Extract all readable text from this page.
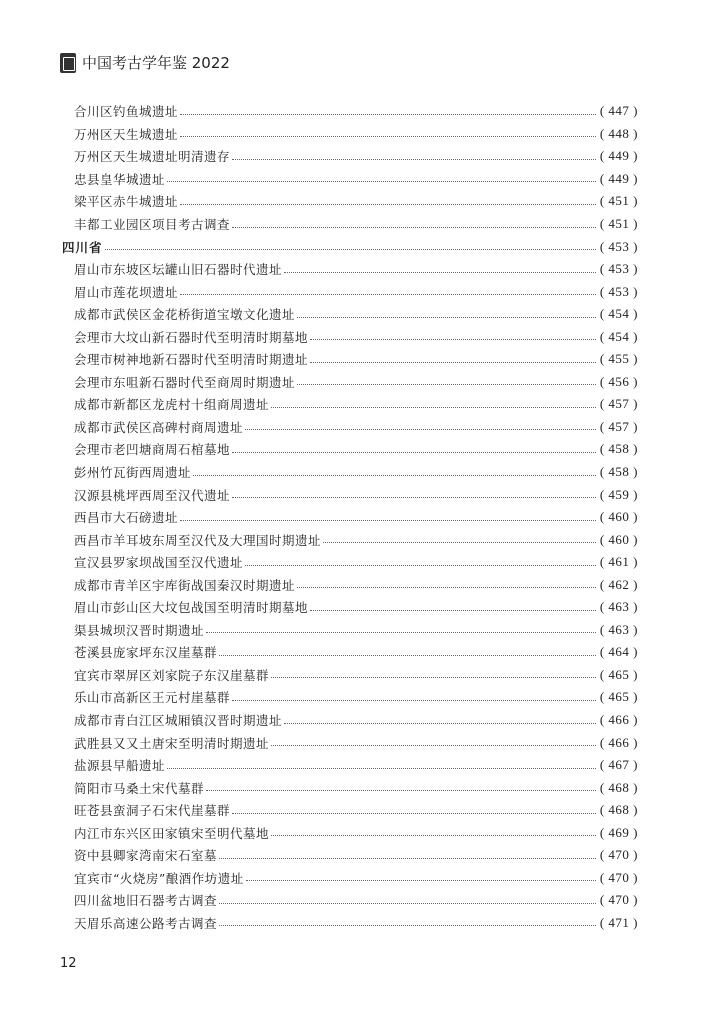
中国考古学年鉴 2022
合川区钓鱼城遗址	( 447 )
万州区天生城遗址	( 448 )
万州区天生城遗址明清遗存	( 449 )
忠县皇华城遗址	( 449 )
梁平区赤牛城遗址	( 451 )
丰都工业园区项目考古调查	( 451 )
四川省	( 453 )
眉山市东坡区坛罐山旧石器时代遗址	( 453 )
眉山市莲花坝遗址	( 453 )
成都市武侯区金花桥街道宝墩文化遗址	( 454 )
会理市大坟山新石器时代至明清时期墓地	( 454 )
会理市树神地新石器时代至明清时期遗址	( 455 )
会理市东咀新石器时代至商周时期遗址	( 456 )
成都市新都区龙虎村十组商周遗址	( 457 )
成都市武侯区高碑村商周遗址	( 457 )
会理市老凹塘商周石棺墓地	( 458 )
彭州竹瓦街西周遗址	( 458 )
汉源县桃坪西周至汉代遗址	( 459 )
西昌市大石磅遗址	( 460 )
西昌市羊耳坡东周至汉代及大理国时期遗址	( 460 )
宣汉县罗家坝战国至汉代遗址	( 461 )
成都市青羊区宇库街战国秦汉时期遗址	( 462 )
眉山市彭山区大坟包战国至明清时期墓地	( 463 )
渠县城坝汉晋时期遗址	( 463 )
苍溪县庞家坪东汉崖墓群	( 464 )
宜宾市翠屏区刘家院子东汉崖墓群	( 465 )
乐山市高新区王元村崖墓群	( 465 )
成都市青白江区城厢镇汉晋时期遗址	( 466 )
武胜县又又土唐宋至明清时期遗址	( 466 )
盐源县早船遗址	( 467 )
简阳市马桑土宋代墓群	( 468 )
旺苍县蛮洞子石宋代崖墓群	( 468 )
内江市东兴区田家镇宋至明代墓地	( 469 )
资中县卿家湾南宋石室墓	( 470 )
宜宾市“火烧房”酿酒作坊遗址	( 470 )
四川盆地旧石器考古调查	( 470 )
天眉乐高速公路考古调查	( 471 )
12
